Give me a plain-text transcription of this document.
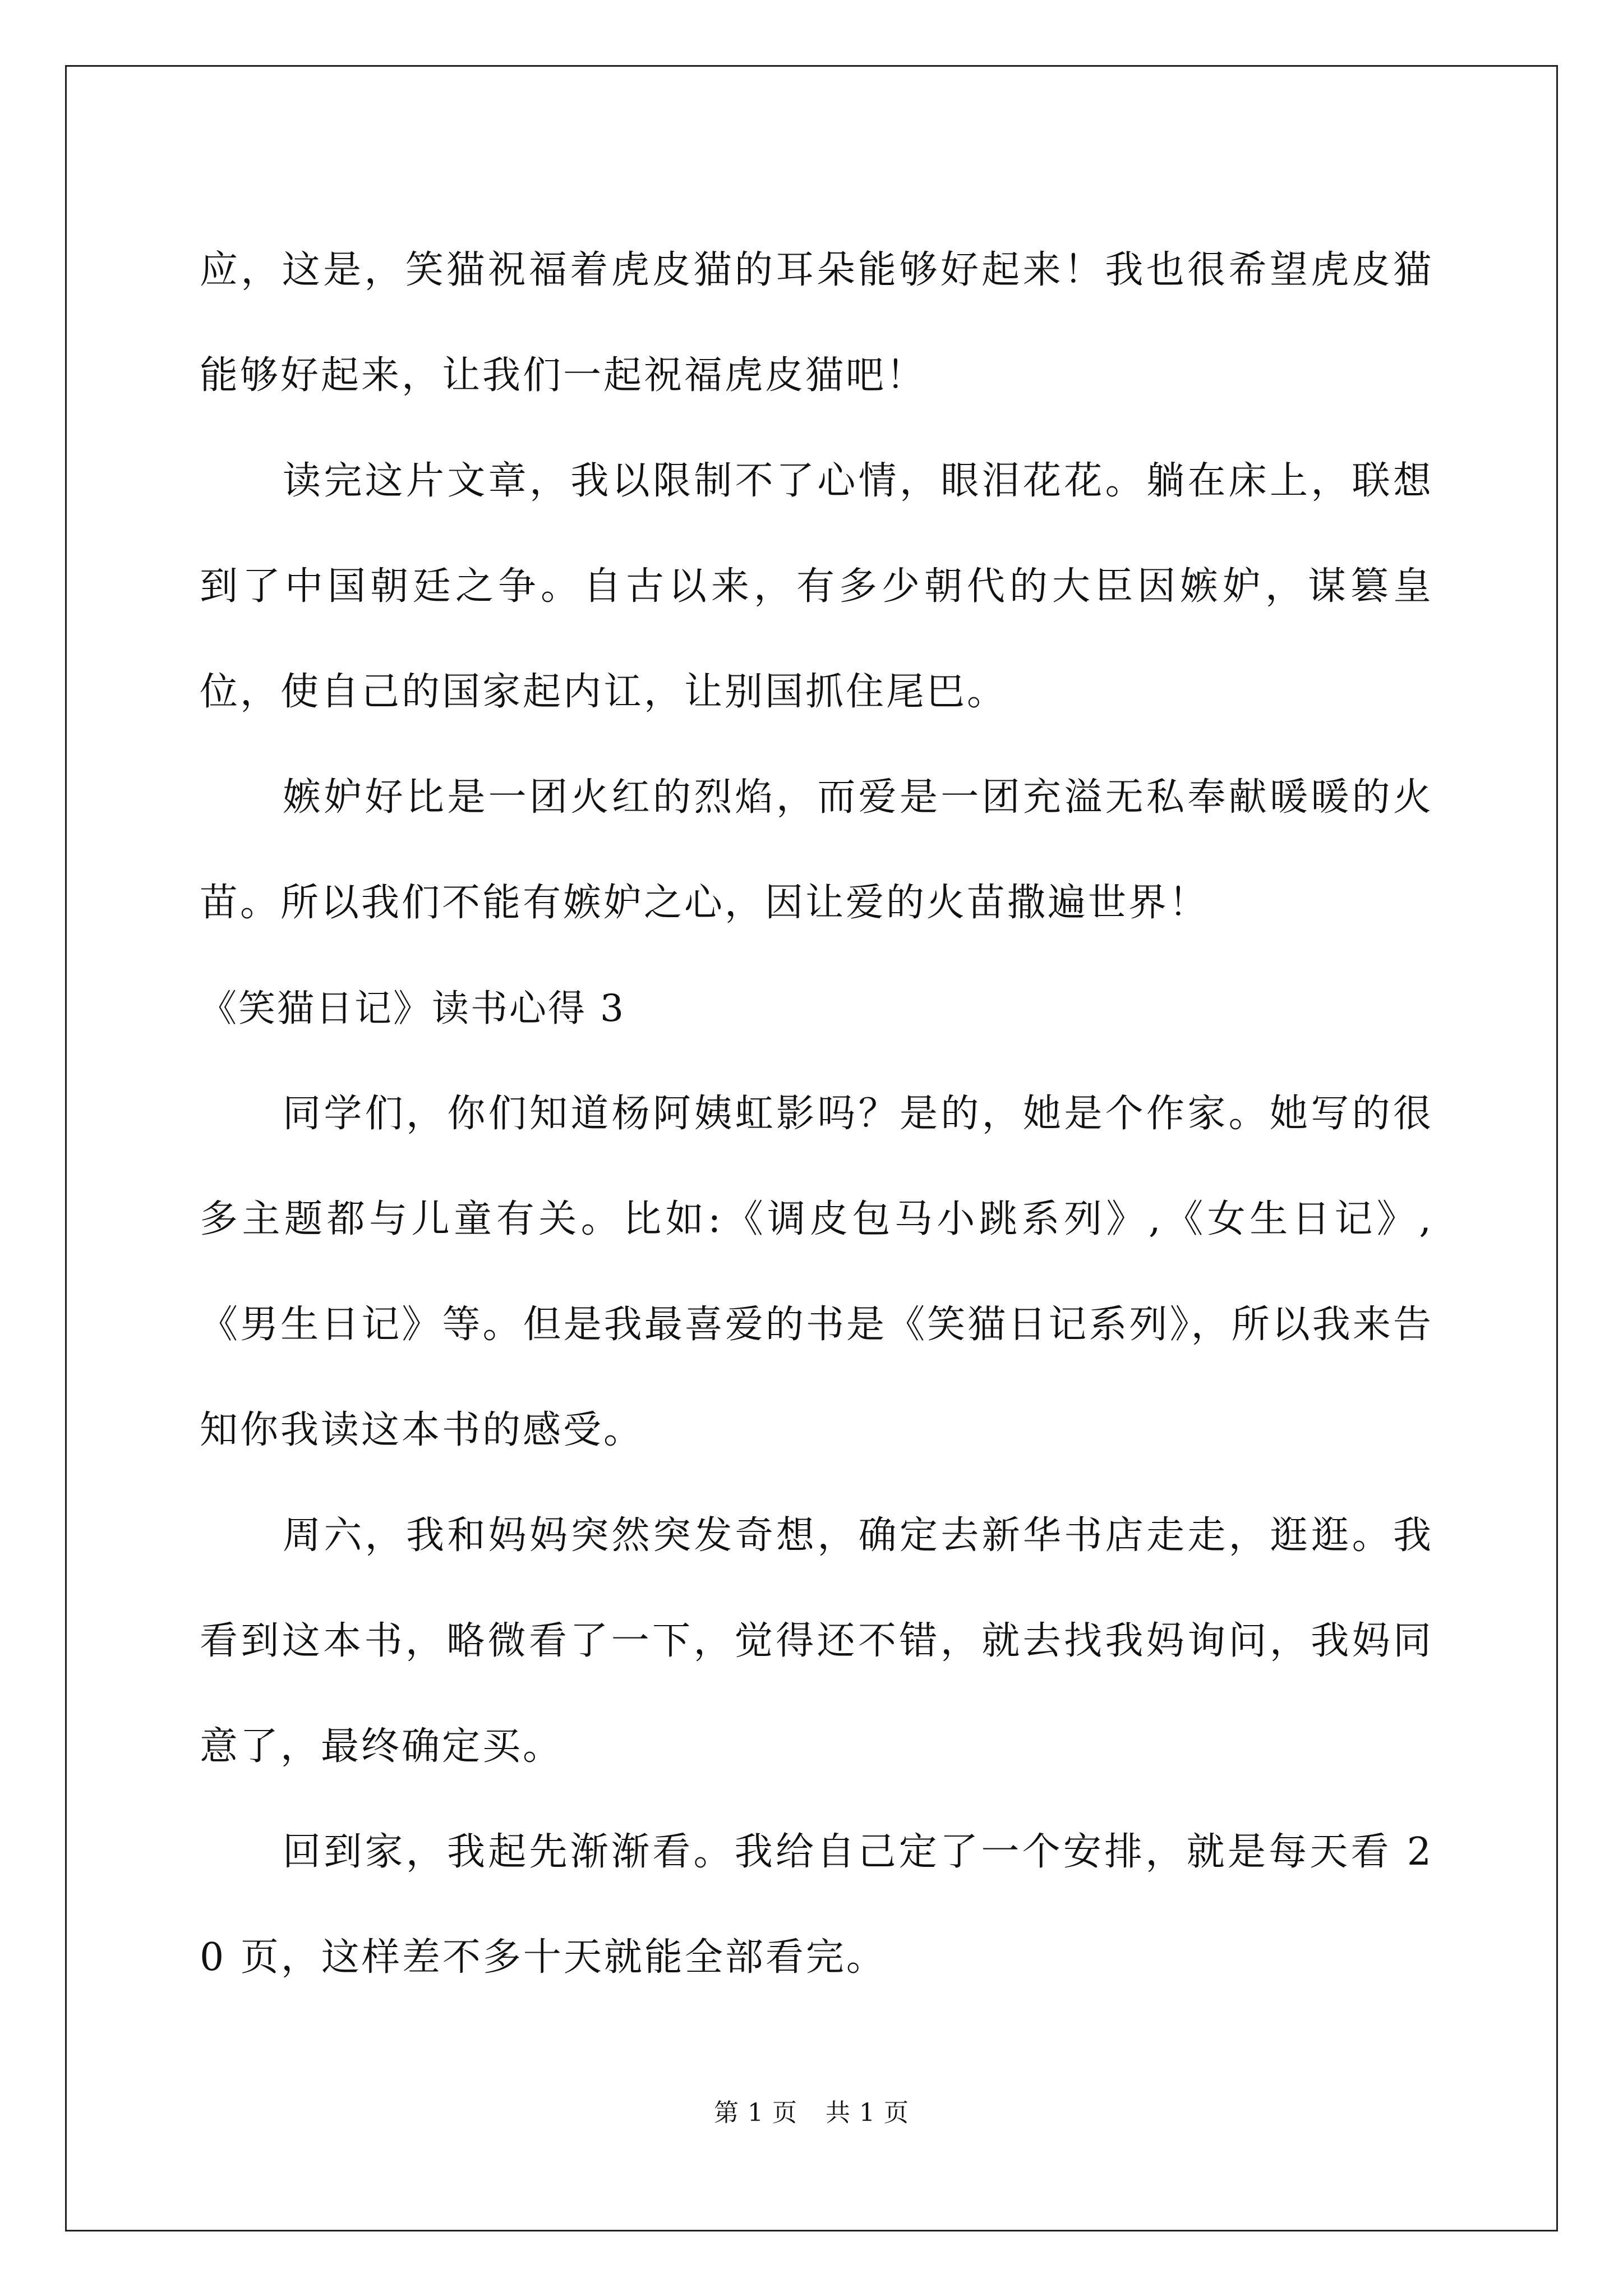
应，这是，笑猫祝福着虎皮猫的耳朵能够好起来！我也很希望虎皮猫能够好起来，让我们一起祝福虎皮猫吧！

读完这片文章，我以限制不了心情，眼泪花花。躺在床上，联想到了中国朝廷之争。自古以来，有多少朝代的大臣因嫉妒，谋篡皇位，使自己的国家起内讧，让别国抓住尾巴。

嫉妒好比是一团火红的烈焰，而爱是一团充溢无私奉献暖暖的火苗。所以我们不能有嫉妒之心，因让爱的火苗撒遍世界！

《笑猫日记》读书心得 3

同学们，你们知道杨阿姨虹影吗？是的，她是个作家。她写的很多主题都与儿童有关。比如:《调皮包马小跳系列》,《女生日记》,《男生日记》等。但是我最喜爱的书是《笑猫日记系列》，所以我来告知你我读这本书的感受。

周六，我和妈妈突然突发奇想，确定去新华书店走走，逛逛。我看到这本书，略微看了一下，觉得还不错，就去找我妈询问，我妈同意了，最终确定买。

回到家，我起先渐渐看。我给自己定了一个安排，就是每天看 20 页，这样差不多十天就能全部看完。

第 1 页 共 1 页
